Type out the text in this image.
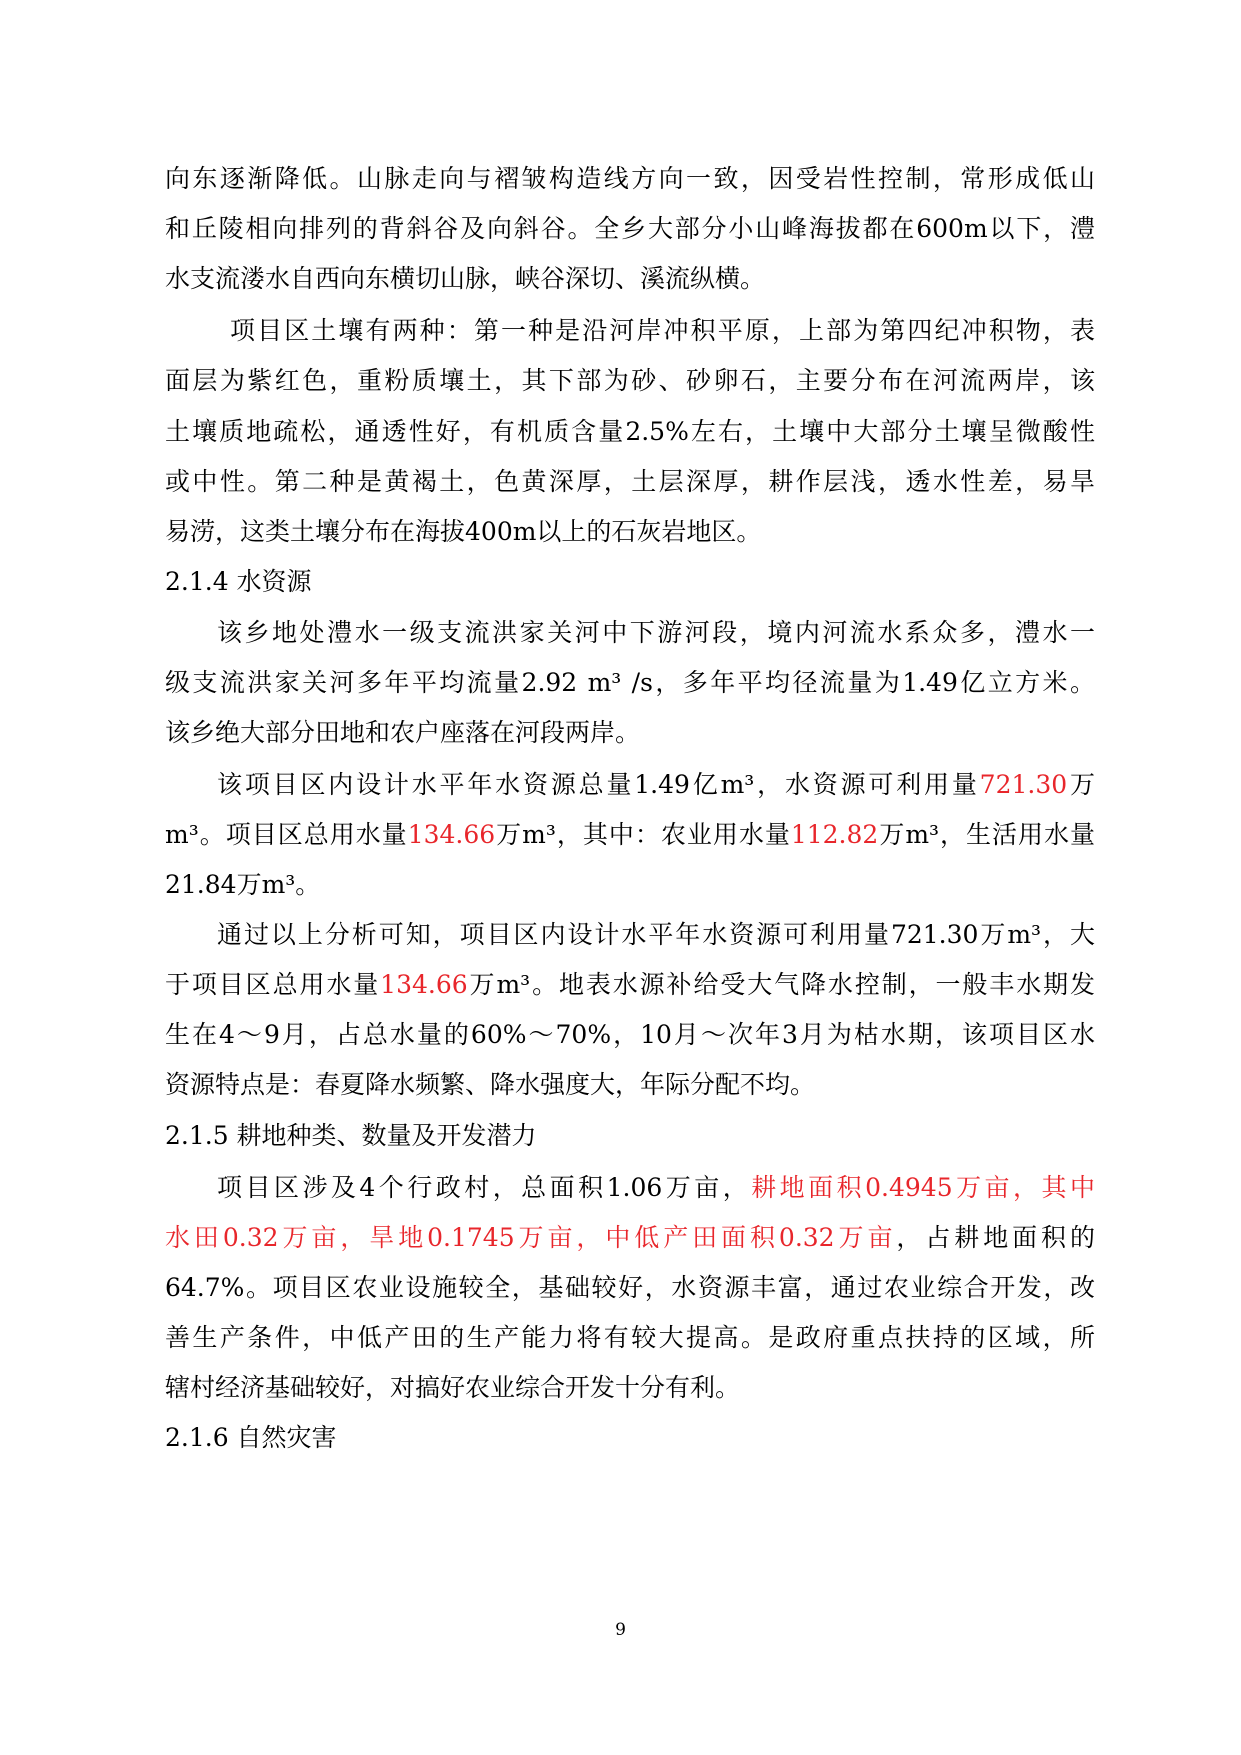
向东逐渐降低。山脉走向与褶皱构造线方向一致，因受岩性控制，常形成低山
和丘陵相向排列的背斜谷及向斜谷。全乡大部分小山峰海拔都在600m以下，澧
水支流溇水自西向东横切山脉，峡谷深切、溪流纵横。
项目区土壤有两种：第一种是沿河岸冲积平原，上部为第四纪冲积物，表
面层为紫红色，重粉质壤土，其下部为砂、砂卵石，主要分布在河流两岸，该
土壤质地疏松，通透性好，有机质含量2.5%左右，土壤中大部分土壤呈微酸性
或中性。第二种是黄褐土，色黄深厚，土层深厚，耕作层浅，透水性差，易旱
易涝，这类土壤分布在海拔400m以上的石灰岩地区。
2.1.4 水资源
该乡地处澧水一级支流洪家关河中下游河段，境内河流水系众多，澧水一
级支流洪家关河多年平均流量2.92 m³ /s，多年平均径流量为1.49亿立方米。
该乡绝大部分田地和农户座落在河段两岸。
该项目区内设计水平年水资源总量1.49亿m³，水资源可利用量721.30万
m³。项目区总用水量134.66万m³，其中：农业用水量112.82万m³，生活用水量
21.84万m³。
通过以上分析可知，项目区内设计水平年水资源可利用量721.30万m³，大
于项目区总用水量134.66万m³。地表水源补给受大气降水控制，一般丰水期发
生在4～9月，占总水量的60%～70%，10月～次年3月为枯水期，该项目区水
资源特点是：春夏降水频繁、降水强度大，年际分配不均。
2.1.5 耕地种类、数量及开发潜力
项目区涉及4个行政村，总面积1.06万亩，耕地面积0.4945万亩，其中
水田0.32万亩，旱地0.1745万亩，中低产田面积0.32万亩，占耕地面积的
64.7%。项目区农业设施较全，基础较好，水资源丰富，通过农业综合开发，改
善生产条件，中低产田的生产能力将有较大提高。是政府重点扶持的区域，所
辖村经济基础较好，对搞好农业综合开发十分有利。
2.1.6 自然灾害
9
